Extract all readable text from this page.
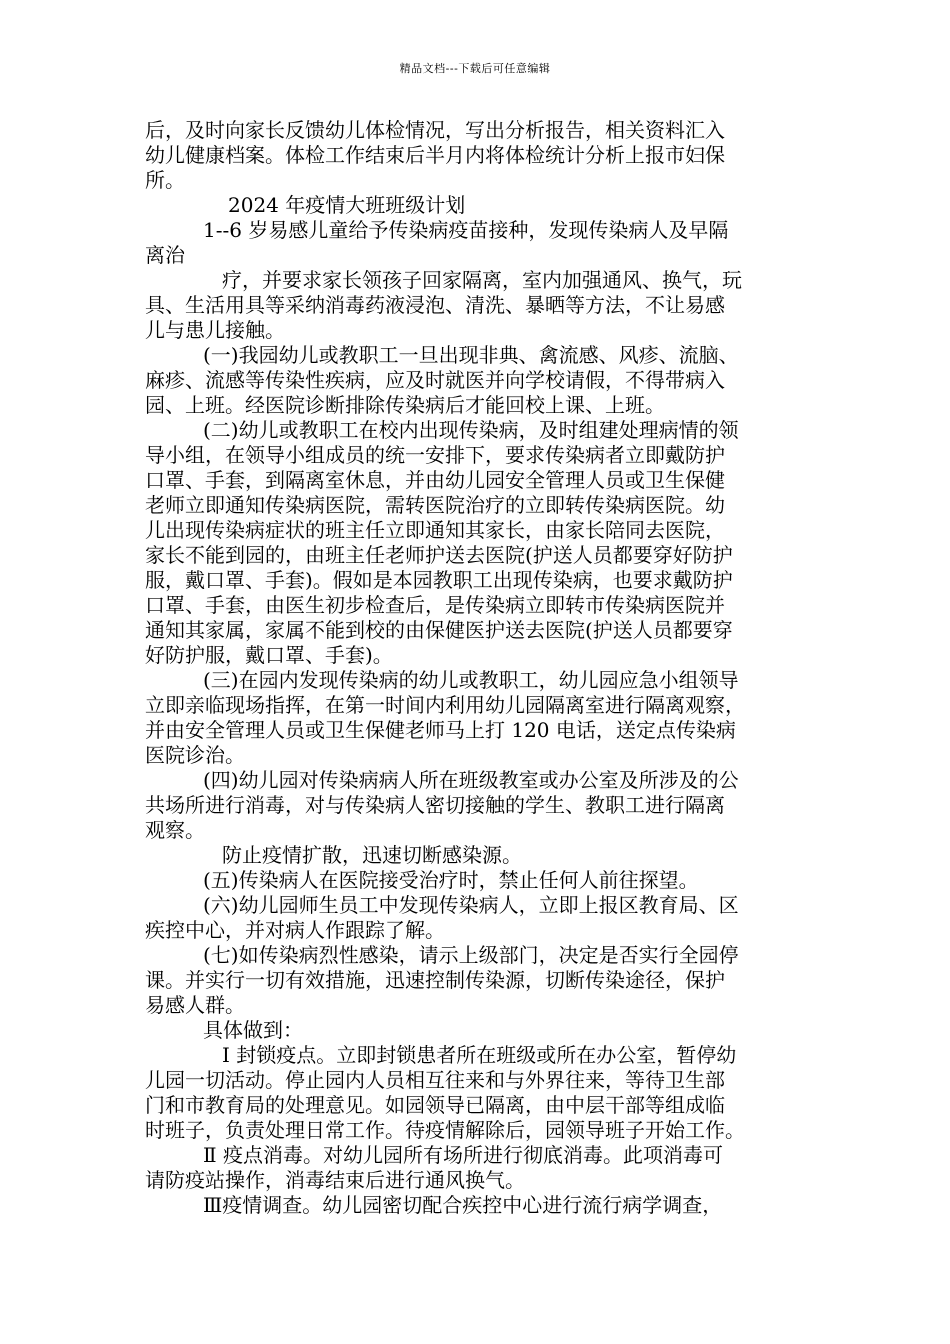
精品文档---下载后可任意编辑
后，及时向家长反馈幼儿体检情况，写出分析报告，相关资料汇入
幼儿健康档案。体检工作结束后半月内将体检统计分析上报市妇保
所。
2024 年疫情大班班级计划
1--6 岁易感儿童给予传染病疫苗接种，发现传染病人及早隔
离治
疗，并要求家长领孩子回家隔离，室内加强通风、换气，玩
具、生活用具等采纳消毒药液浸泡、清洗、暴晒等方法，不让易感
儿与患儿接触。
(一)我园幼儿或教职工一旦出现非典、禽流感、风疹、流脑、
麻疹、流感等传染性疾病，应及时就医并向学校请假，不得带病入
园、上班。经医院诊断排除传染病后才能回校上课、上班。
(二)幼儿或教职工在校内出现传染病，及时组建处理病情的领
导小组，在领导小组成员的统一安排下，要求传染病者立即戴防护
口罩、手套，到隔离室休息，并由幼儿园安全管理人员或卫生保健
老师立即通知传染病医院，需转医院治疗的立即转传染病医院。幼
儿出现传染病症状的班主任立即通知其家长，由家长陪同去医院，
家长不能到园的，由班主任老师护送去医院(护送人员都要穿好防护
服，戴口罩、手套)。假如是本园教职工出现传染病，也要求戴防护
口罩、手套，由医生初步检查后，是传染病立即转市传染病医院并
通知其家属，家属不能到校的由保健医护送去医院(护送人员都要穿
好防护服，戴口罩、手套)。
(三)在园内发现传染病的幼儿或教职工，幼儿园应急小组领导
立即亲临现场指挥，在第一时间内利用幼儿园隔离室进行隔离观察，
并由安全管理人员或卫生保健老师马上打 120 电话，送定点传染病
医院诊治。
(四)幼儿园对传染病病人所在班级教室或办公室及所涉及的公
共场所进行消毒，对与传染病人密切接触的学生、教职工进行隔离
观察。
防止疫情扩散，迅速切断感染源。
(五)传染病人在医院接受治疗时，禁止任何人前往探望。
(六)幼儿园师生员工中发现传染病人，立即上报区教育局、区
疾控中心，并对病人作跟踪了解。
(七)如传染病烈性感染，请示上级部门，决定是否实行全园停
课。并实行一切有效措施，迅速控制传染源，切断传染途径，保护
易感人群。
具体做到：
Ⅰ 封锁疫点。立即封锁患者所在班级或所在办公室，暂停幼
儿园一切活动。停止园内人员相互往来和与外界往来，等待卫生部
门和市教育局的处理意见。如园领导已隔离，由中层干部等组成临
时班子，负责处理日常工作。待疫情解除后，园领导班子开始工作。
Ⅱ 疫点消毒。对幼儿园所有场所进行彻底消毒。此项消毒可
请防疫站操作，消毒结束后进行通风换气。
Ⅲ疫情调查。幼儿园密切配合疾控中心进行流行病学调查，
